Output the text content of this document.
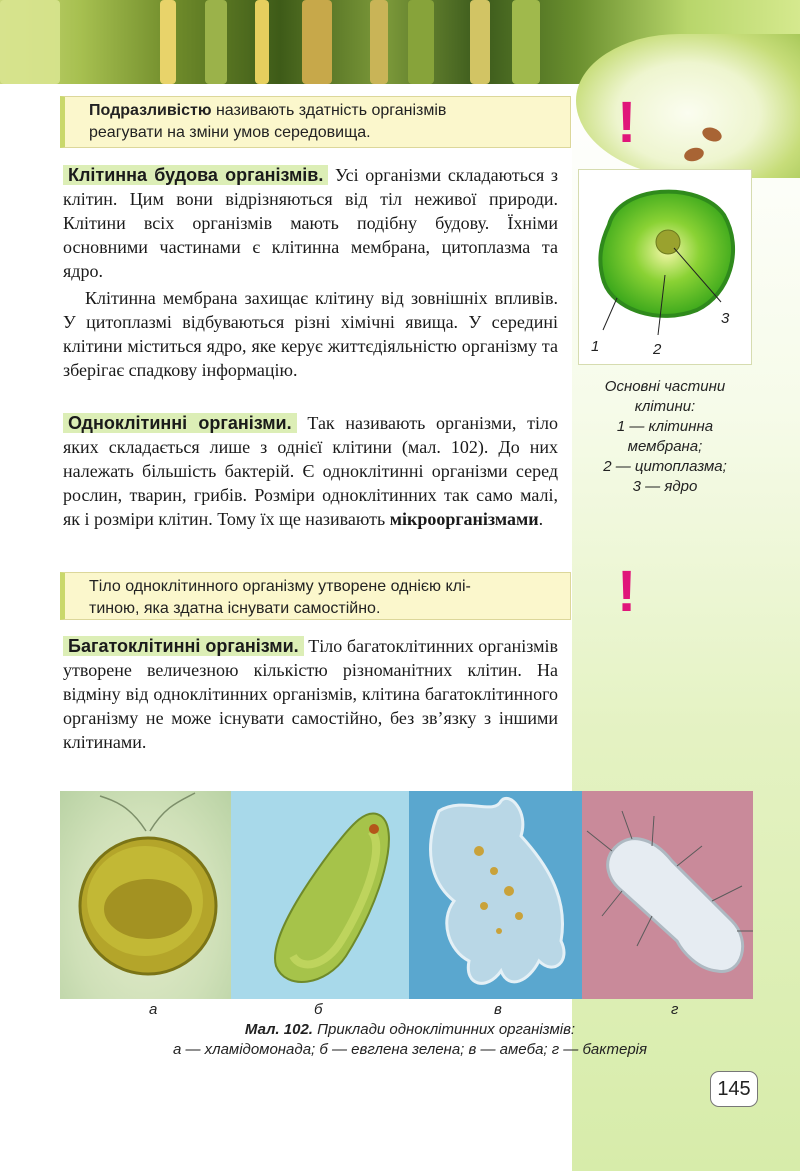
!
!
Подразливістю називають здатність організмів
реагувати на зміни умов середовища.

Клітинна будова організмів. Усі організми складаються з клітин. Цим вони відрізняються від тіл неживої природи. Клітини всіх організмів мають подібну будову. Їхніми основними частинами є клітинна мембрана, цитоплазма та ядро.

Клітинна мембрана захищає клітину від зовнішніх впливів. У цитоплазмі відбуваються різні хімічні явища. У середині клітини міститься ядро, яке керує життєдіяльністю організму та зберігає спадкову інформацію.

1	2
3
Основні частини клітини:
1 — клітинна мембрана;
2 — цитоплазма;
3 — ядро

Одноклітинні організми. Так називають організми, тіло яких складається лише з однієї клітини (мал. 102). До них належать більшість бактерій. Є одноклітинні організми серед рослин, тварин, грибів. Розміри одноклітинних так само малі, як і розміри клітин. Тому їх ще називають мікроорганізмами.

Тіло одноклітинного організму утворене однією клі-
тиною, яка здатна існувати самостійно.

Багатоклітинні організми. Тіло багатоклітинних організмів утворене величезною кількістю різноманітних клітин. На відміну від одноклітинних організмів, клітина багатоклітинного організму не може існувати самостійно, без зв’язку з іншими клітинами.

а	б	в	г
Мал. 102. Приклади одноклітинних організмів:
а — хламідомонада; б — евглена зелена; в — амеба; г — бактерія
145
